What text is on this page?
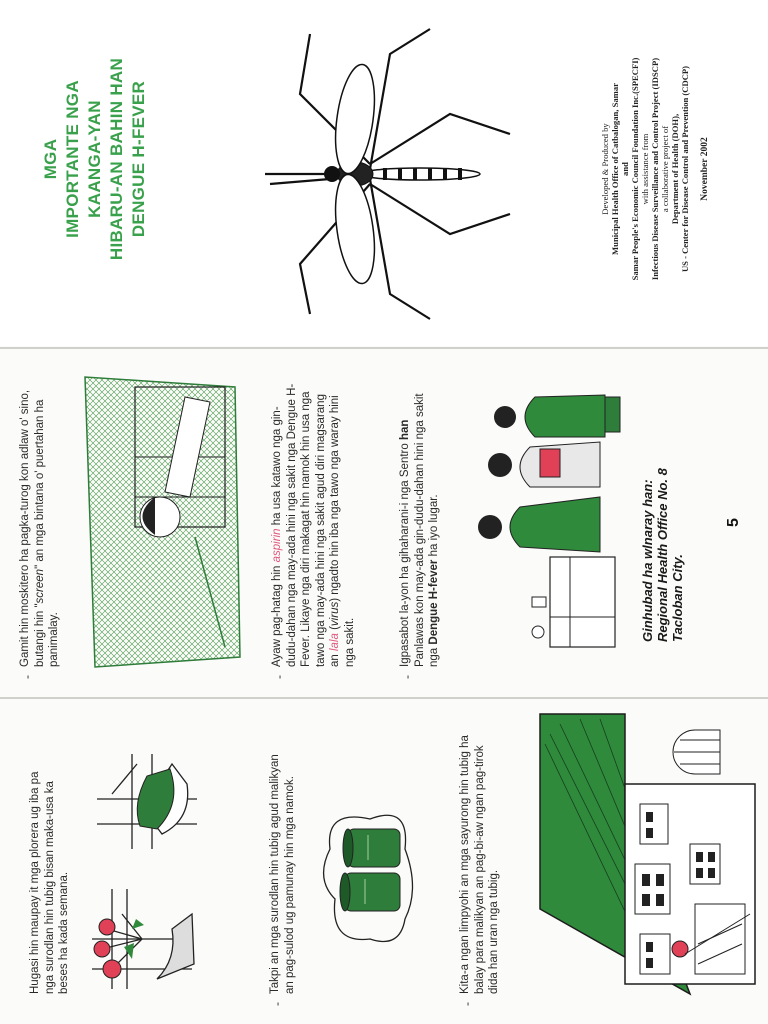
Hugasi hin maupay it mga plorera ug iba pa nga surodlan hin tubig bisan maka-usa ka beses ha kada semana.

-

Takpi an mga surodlan hin tubig agud malikyan an pag-sulod ug pamunay hin mga namok.

-

Kita-a ngan limpyohi an mga sayurong hin tubig ha balay para malikyan an pag-bi-aw ngan pag-tirok dida han uran nga tubig.

-

Gamit hin moskitero ha pagka-turog kon adlaw o' sino, butangi hin "screen" an mga bintana o' puertahan ha panimalay.

-

Ayaw pag-hatag hin aspirin ha usa katawo nga gin-dudu-dahan nga may-ada hini nga sakit nga Dengue H-Fever. Likaye nga diri makagat hin namok hin usa nga tawo nga may-ada hini nga sakit agud diri magsarang an lala (virus) ngadto hin iba nga tawo nga waray hini nga sakit.

-

Igpasabot la-yon ha gihaharani-i nga Sentro han Panlawas kon may-ada gin-dudu-dahan hini nga sakit nga Dengue H-fever ha iyo lugar.	Ginhubad ha wlnaray han: Regional Health Office No. 8 Tacloban City.
5
MGA IMPORTANTE NGA KAANGA-YAN HIBARU-AN BAHIN HAN DENGUE H-FEVER	Developed & Produced by Municipal Health Office of Catbalogan, Samar and Samar People's Economic Council Foundation Inc.(SPECFI) with assistance from Infectious Disease Surveillance and Control Project (IDSCP) a collaborative project of Department of Health (DOH), US - Center for Disease Control and Prevention (CDCP) November 2002
